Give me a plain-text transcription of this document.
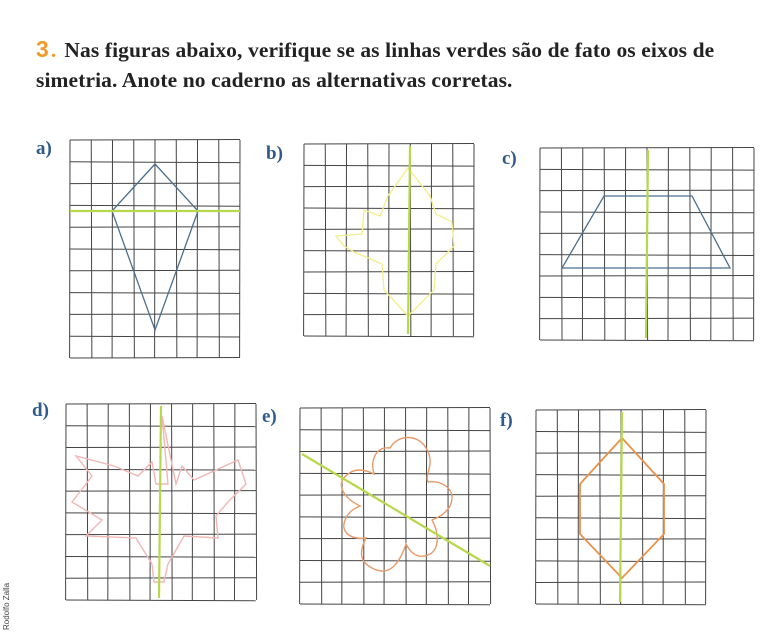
3. Nas figuras abaixo, verifique se as linhas verdes são de fato os eixos de simetria. Anote no caderno as alternativas corretas.
a)	b)	c)
d)	e)	f)
Rodolfo Zalla
